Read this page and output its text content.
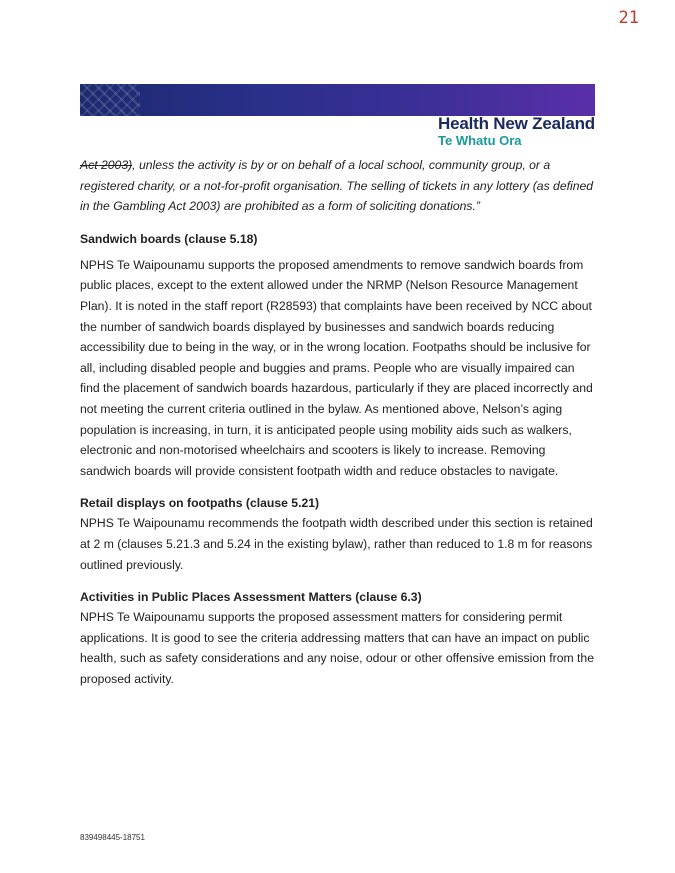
21
Health New Zealand
Te Whatu Ora

Act 2003), unless the activity is by or on behalf of a local school, community group, or a registered charity, or a not-for-profit organisation. The selling of tickets in any lottery (as defined in the Gambling Act 2003) are prohibited as a form of soliciting donations.”

Sandwich boards (clause 5.18)

NPHS Te Waipounamu supports the proposed amendments to remove sandwich boards from public places, except to the extent allowed under the NRMP (Nelson Resource Management Plan). It is noted in the staff report (R28593) that complaints have been received by NCC about the number of sandwich boards displayed by businesses and sandwich boards reducing accessibility due to being in the way, or in the wrong location. Footpaths should be inclusive for all, including disabled people and buggies and prams. People who are visually impaired can find the placement of sandwich boards hazardous, particularly if they are placed incorrectly and not meeting the current criteria outlined in the bylaw. As mentioned above, Nelson’s aging population is increasing, in turn, it is anticipated people using mobility aids such as walkers, electronic and non-motorised wheelchairs and scooters is likely to increase. Removing sandwich boards will provide consistent footpath width and reduce obstacles to navigate.

Retail displays on footpaths (clause 5.21)

NPHS Te Waipounamu recommends the footpath width described under this section is retained at 2 m (clauses 5.21.3 and 5.24 in the existing bylaw), rather than reduced to 1.8 m for reasons outlined previously.

Activities in Public Places Assessment Matters (clause 6.3)

NPHS Te Waipounamu supports the proposed assessment matters for considering permit applications. It is good to see the criteria addressing matters that can have an impact on public health, such as safety considerations and any noise, odour or other offensive emission from the proposed activity.

839498445-18751
